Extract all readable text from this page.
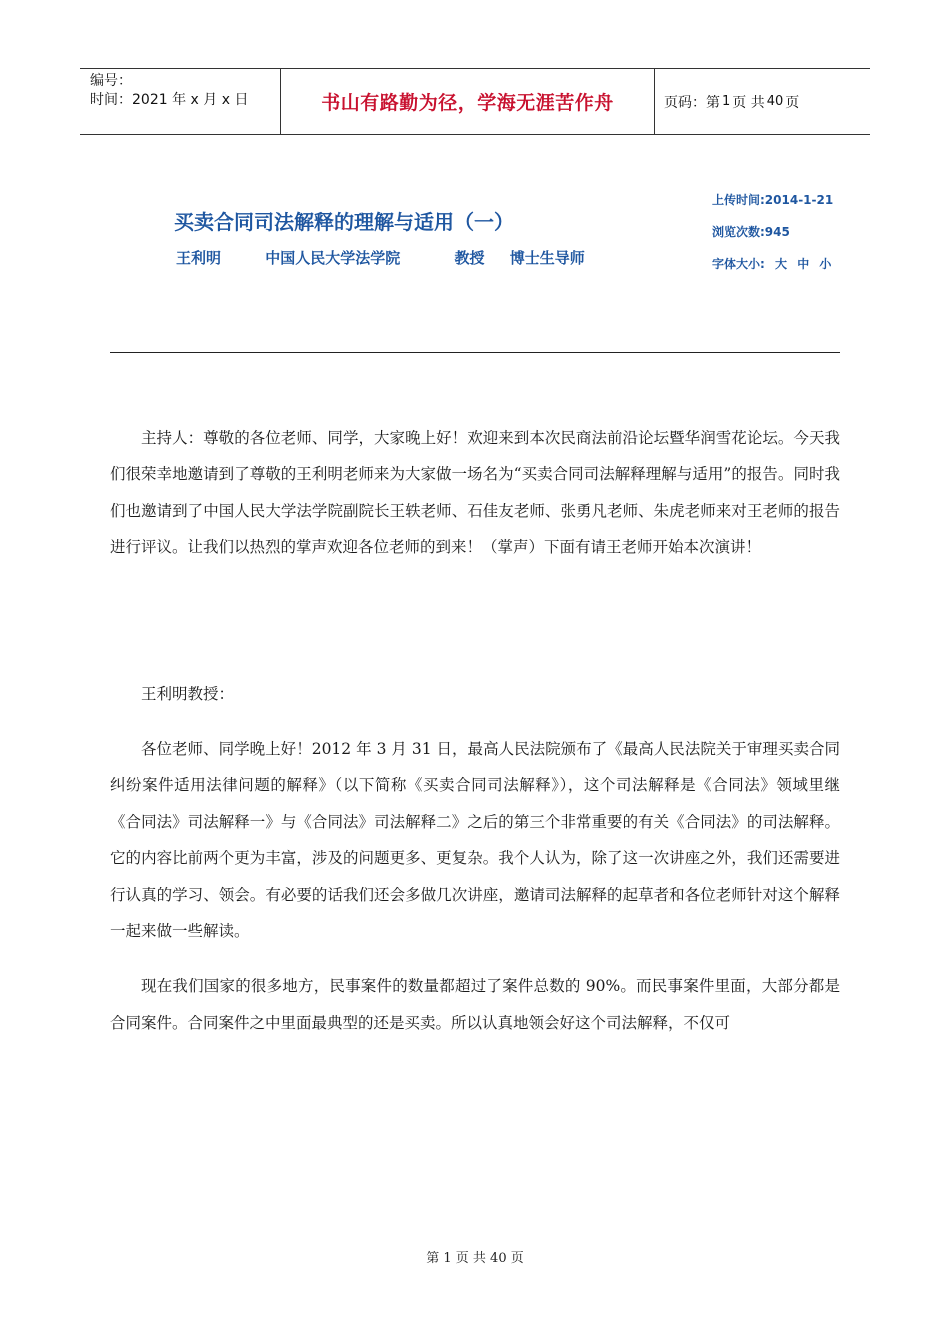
编号：
时间：2021 年 x 月 x 日	书山有路勤为径，学海无涯苦作舟	页码：第 1 页 共 40 页
买卖合同司法解释的理解与适用（一）
王利明	中国人民大学法学院	教授 博士生导师
上传时间:2014-1-21
浏览次数:945
字体大小: 大 中 小

主持人：尊敬的各位老师、同学，大家晚上好！欢迎来到本次民商法前沿论坛暨华润雪花论坛。今天我们很荣幸地邀请到了尊敬的王利明老师来为大家做一场名为“买卖合同司法解释理解与适用”的报告。同时我们也邀请到了中国人民大学法学院副院长王轶老师、石佳友老师、张勇凡老师、朱虎老师来对王老师的报告进行评议。让我们以热烈的掌声欢迎各位老师的到来！（掌声）下面有请王老师开始本次演讲！

王利明教授：

各位老师、同学晚上好！2012 年 3 月 31 日，最高人民法院颁布了《最高人民法院关于审理买卖合同纠纷案件适用法律问题的解释》（以下简称《买卖合同司法解释》），这个司法解释是《合同法》领域里继《合同法》司法解释一》与《合同法》司法解释二》之后的第三个非常重要的有关《合同法》的司法解释。它的内容比前两个更为丰富，涉及的问题更多、更复杂。我个人认为，除了这一次讲座之外，我们还需要进行认真的学习、领会。有必要的话我们还会多做几次讲座，邀请司法解释的起草者和各位老师针对这个解释一起来做一些解读。

现在我们国家的很多地方，民事案件的数量都超过了案件总数的 90%。而民事案件里面，大部分都是合同案件。合同案件之中里面最典型的还是买卖。所以认真地领会好这个司法解释，不仅可

第 1 页 共 40 页
